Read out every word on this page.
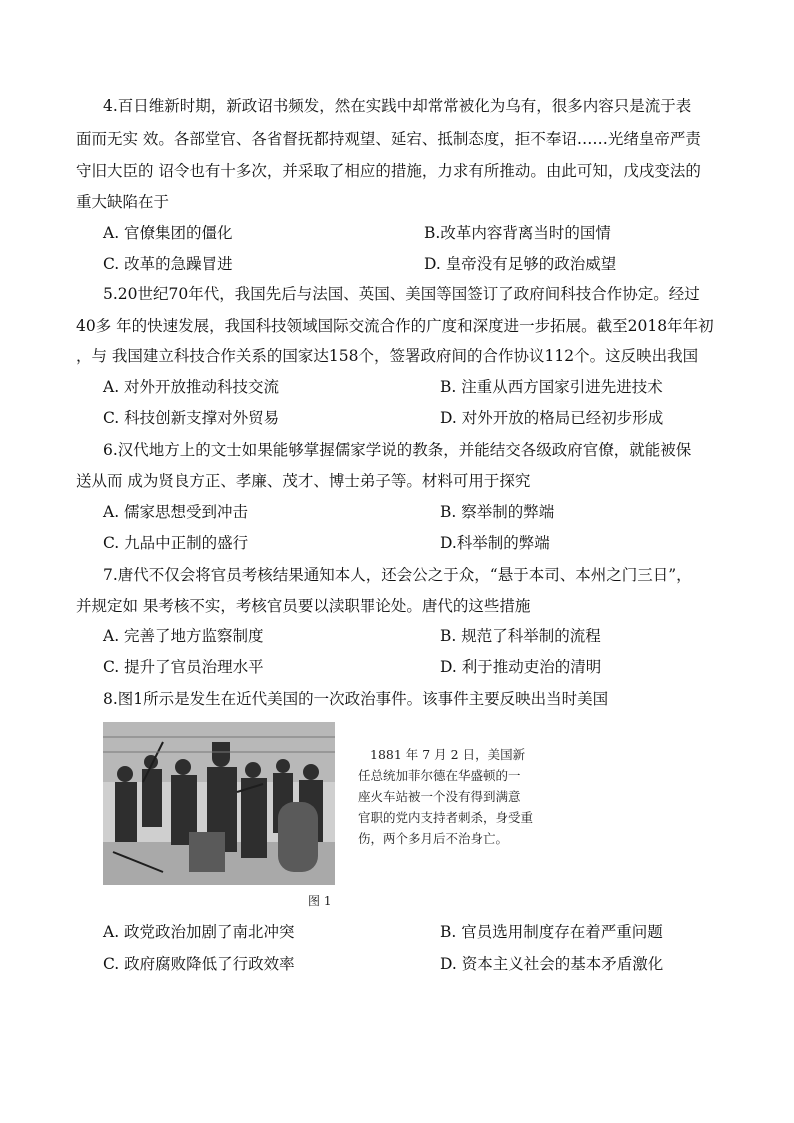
4.百日维新时期，新政诏书频发，然在实践中却常常被化为乌有，很多内容只是流于表
面而无实 效。各部堂官、各省督抚都持观望、延宕、抵制态度，拒不奉诏……光绪皇帝严责
守旧大臣的 诏令也有十多次，并采取了相应的措施，力求有所推动。由此可知，戊戌变法的
重大缺陷在于
A. 官僚集团的僵化	B.改革内容背离当时的国情
C. 改革的急躁冒进	D. 皇帝没有足够的政治威望
5.20世纪70年代，我国先后与法国、英国、美国等国签订了政府间科技合作协定。经过
40多 年的快速发展，我国科技领域国际交流合作的广度和深度进一步拓展。截至2018年年初
，与 我国建立科技合作关系的国家达158个，签署政府间的合作协议112个。这反映出我国
A. 对外开放推动科技交流	B. 注重从西方国家引进先进技术
C. 科技创新支撑对外贸易	D. 对外开放的格局已经初步形成
6.汉代地方上的文士如果能够掌握儒家学说的教条，并能结交各级政府官僚，就能被保
送从而 成为贤良方正、孝廉、茂才、博士弟子等。材料可用于探究
A. 儒家思想受到冲击	B. 察举制的弊端
C. 九品中正制的盛行	D.科举制的弊端
7.唐代不仅会将官员考核结果通知本人，还会公之于众，“悬于本司、本州之门三日”，
并规定如 果考核不实，考核官员要以渎职罪论处。唐代的这些措施
A. 完善了地方监察制度	B. 规范了科举制的流程
C. 提升了官员治理水平	D. 利于推动吏治的清明
8.图1所示是发生在近代美国的一次政治事件。该事件主要反映出当时美国
1881 年 7 月 2 日，美国新
任总统加菲尔德在华盛顿的一
座火车站被一个没有得到满意
官职的党内支持者刺杀，身受重
伤，两个多月后不治身亡。
图 1
A. 政党政治加剧了南北冲突	B. 官员选用制度存在着严重问题
C. 政府腐败降低了行政效率	D. 资本主义社会的基本矛盾激化
